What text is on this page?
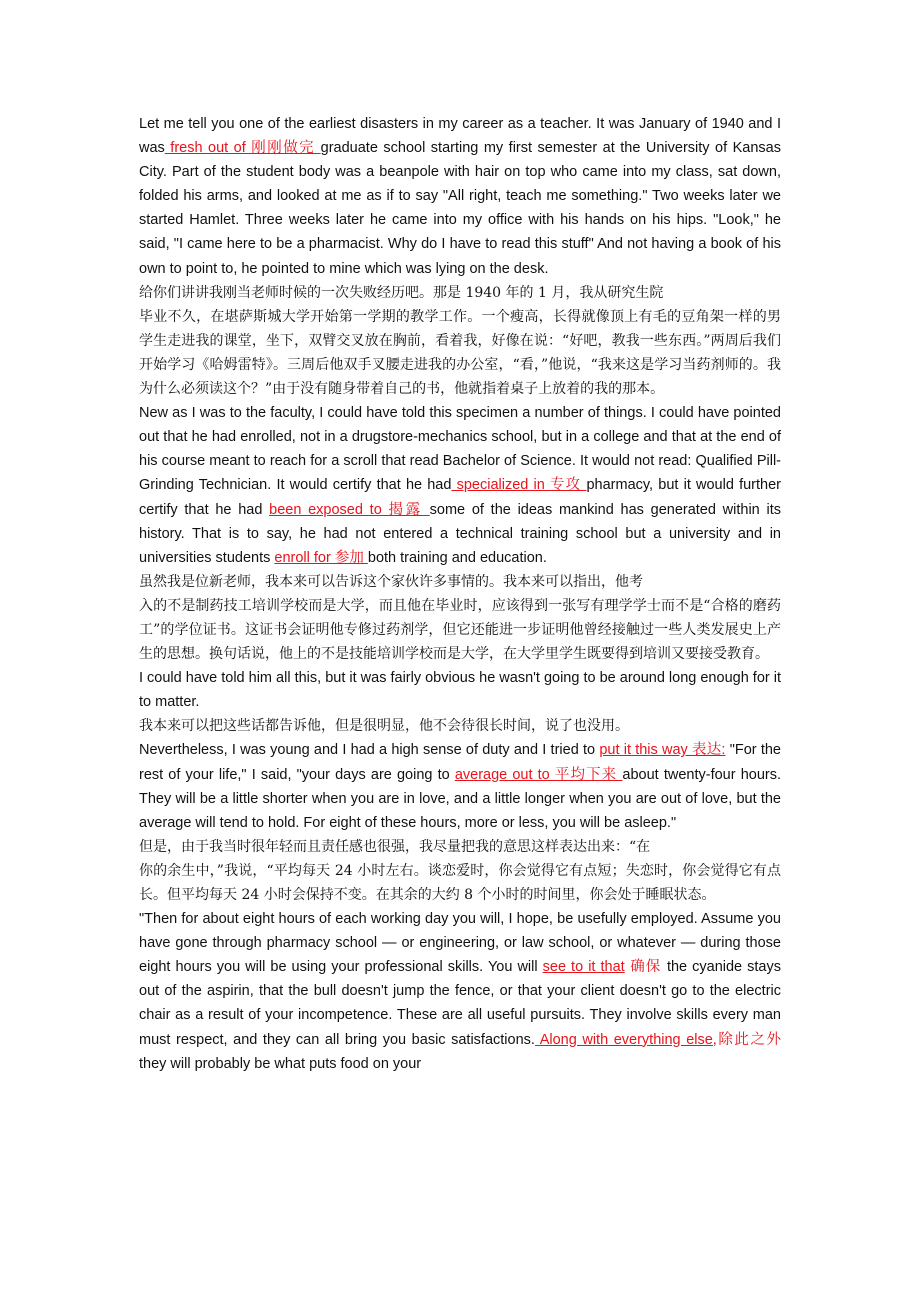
Let me tell you one of the earliest disasters in my career as a teacher. It was January of 1940 and I was fresh out of 刚刚做完 graduate school starting my first semester at the University of Kansas City. Part of the student body was a beanpole with hair on top who came into my class, sat down, folded his arms, and looked at me as if to say "All right, teach me something." Two weeks later we started Hamlet. Three weeks later he came into my office with his hands on his hips. "Look," he said, "I came here to be a pharmacist. Why do I have to read this stuff" And not having a book of his own to point to, he pointed to mine which was lying on the desk.

给你们讲讲我刚当老师时候的一次失败经历吧。那是 1940 年的 1 月，我从研究生院
毕业不久，在堪萨斯城大学开始第一学期的教学工作。一个瘦高，长得就像顶上有毛的豆角架一样的男学生走进我的课堂，坐下，双臂交叉放在胸前，看着我，好像在说：“好吧，教我一些东西。”两周后我们开始学习《哈姆雷特》。三周后他双手叉腰走进我的办公室，“看，”他说，“我来这是学习当药剂师的。我为什么必须读这个？”由于没有随身带着自己的书，他就指着桌子上放着的我的那本。

New as I was to the faculty, I could have told this specimen a number of things. I could have pointed out that he had enrolled, not in a drugstore-mechanics school, but in a college and that at the end of his course meant to reach for a scroll that read Bachelor of Science. It would not read: Qualified Pill-Grinding Technician. It would certify that he had specialized in 专攻 pharmacy, but it would further certify that he had been exposed to 揭露 some of the ideas mankind has generated within its history. That is to say, he had not entered a technical training school but a university and in universities students enroll for 参加 both training and education.

虽然我是位新老师，我本来可以告诉这个家伙许多事情的。我本来可以指出，他考
入的不是制药技工培训学校而是大学，而且他在毕业时，应该得到一张写有理学学士而不是“合格的磨药工”的学位证书。这证书会证明他专修过药剂学，但它还能进一步证明他曾经接触过一些人类发展史上产生的思想。换句话说，他上的不是技能培训学校而是大学，在大学里学生既要得到培训又要接受教育。

I could have told him all this, but it was fairly obvious he wasn't going to be around long enough for it to matter.

我本来可以把这些话都告诉他，但是很明显，他不会待很长时间，说了也没用。

Nevertheless, I was young and I had a high sense of duty and I tried to put it this way 表达: "For the rest of your life," I said, "your days are going to average out to 平均下来 about twenty-four hours. They will be a little shorter when you are in love, and a little longer when you are out of love, but the average will tend to hold. For eight of these hours, more or less, you will be asleep."

但是，由于我当时很年轻而且责任感也很强，我尽量把我的意思这样表达出来：“在
你的余生中，”我说，“平均每天 24 小时左右。谈恋爱时，你会觉得它有点短；失恋时，你会觉得它有点长。但平均每天 24 小时会保持不变。在其余的大约 8 个小时的时间里，你会处于睡眠状态。

"Then for about eight hours of each working day you will, I hope, be usefully employed. Assume you have gone through pharmacy school — or engineering, or law school, or whatever — during those eight hours you will be using your professional skills. You will see to it that 确保 the cyanide stays out of the aspirin, that the bull doesn't jump the fence, or that your client doesn't go to the electric chair as a result of your incompetence. These are all useful pursuits. They involve skills every man must respect, and they can all bring you basic satisfactions. Along with everything else,除此之外 they will probably be what puts food on your
